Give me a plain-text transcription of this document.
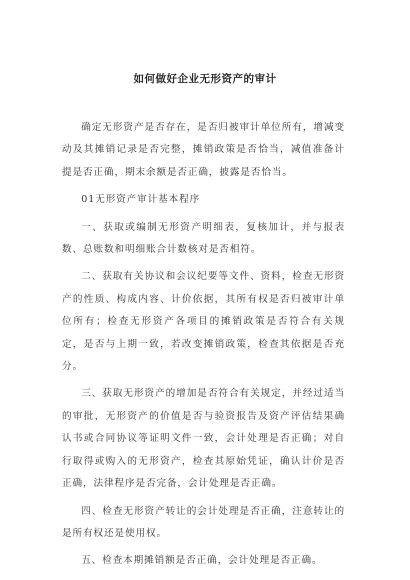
如何做好企业无形资产的审计

确定无形资产是否存在，是否归被审计单位所有，增减变动及其摊销记录是否完整，摊销政策是否恰当，减值准备计提是否正确，期末余额是否正确，披露是否恰当。

01无形资产审计基本程序

一、获取或编制无形资产明细表，复核加计，并与报表数、总账数和明细账合计数核对是否相符。

二、获取有关协议和会议纪要等文件、资料，检查无形资产的性质、构成内容、计价依据，其所有权是否归被审计单位所有；检查无形资产各项目的摊销政策是否符合有关规定，是否与上期一致，若改变摊销政策，检查其依据是否充分。

三、获取无形资产的增加是否符合有关规定，并经过适当的审批，无形资产的价值是否与验资报告及资产评估结果确认书或合同协议等证明文件一致，会计处理是否正确；对自行取得或购入的无形资产，检查其原始凭证，确认计价是否正确，法律程序是否完备，会计处理是否正确。

四、检查无形资产转让的会计处理是否正确，注意转让的是所有权还是使用权。

五、检查本期摊销额是否正确，会计处理是否正确。
